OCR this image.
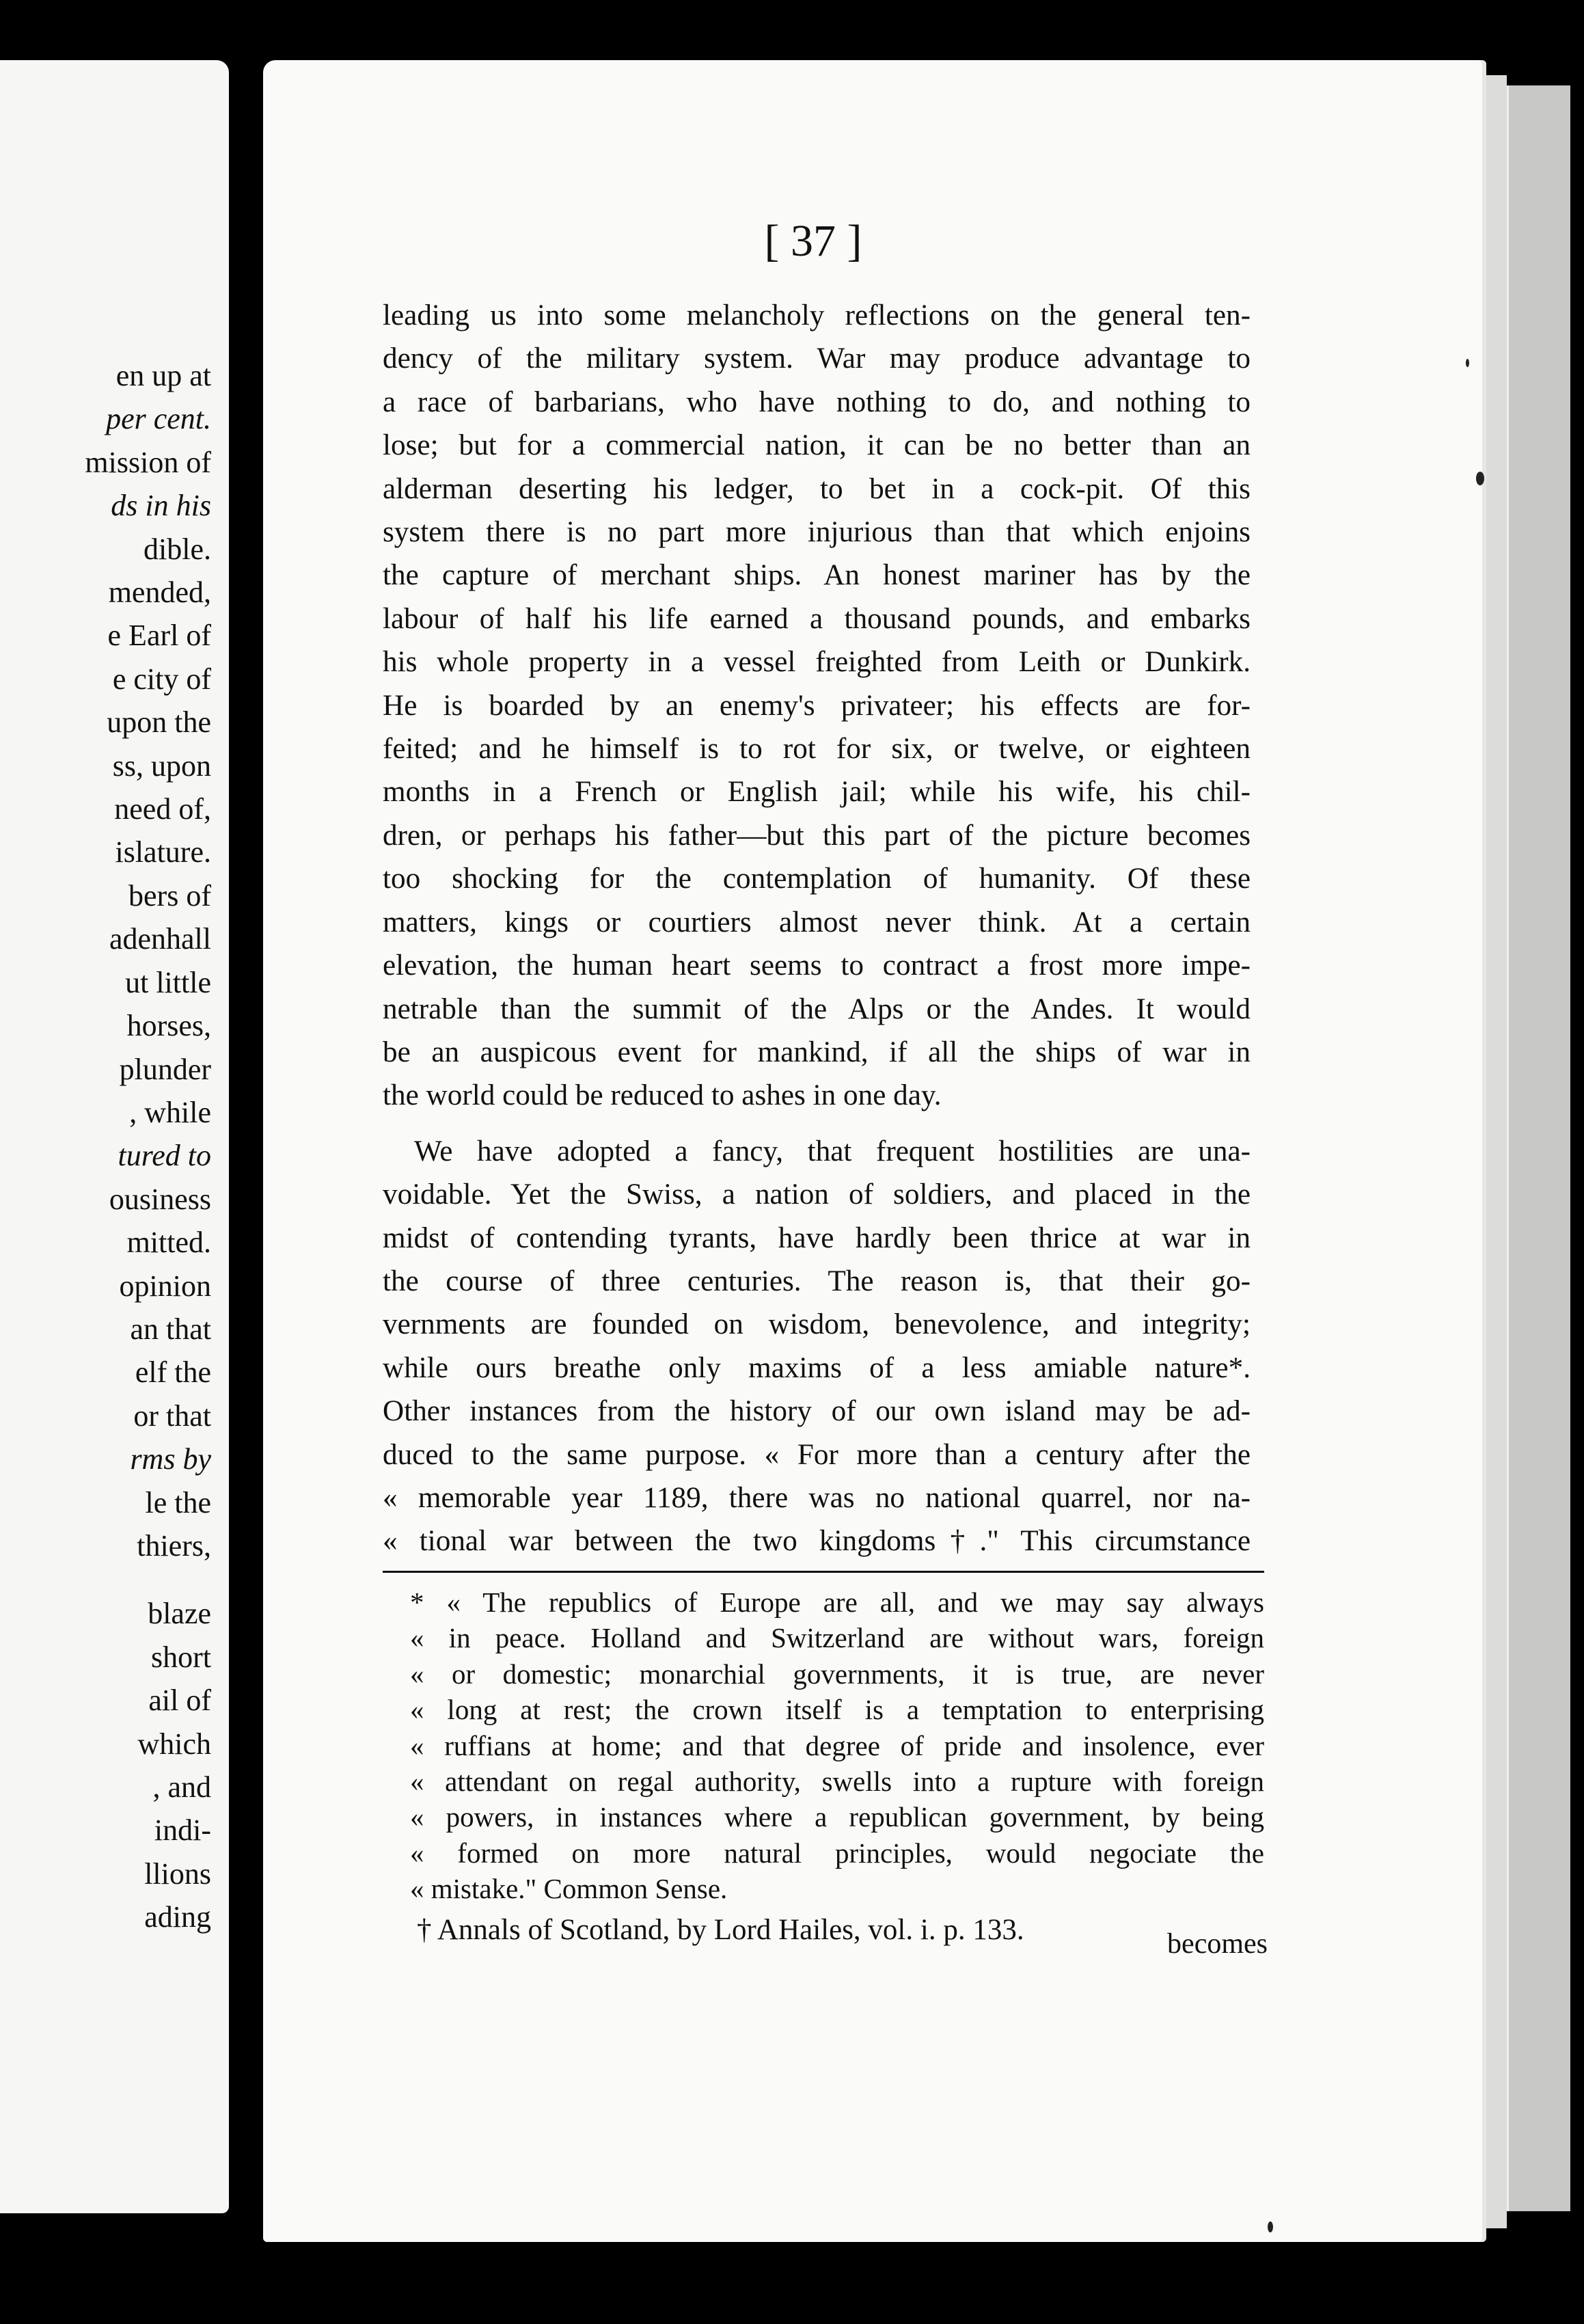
en up at
per cent.
mission of
ds in his
dible.
mended,
e Earl of
e city of
upon the
ss, upon
need of,
islature.
bers of
adenhall
ut little
horses,
plunder
, while
tured to
ousiness
mitted.
opinion
an that
elf the
or that
rms by
le the
thiers,
blaze
short
ail of
which
, and
indi-
llions
ading
[ 37 ]
leading us into some melancholy reflections on the general ten-
dency of the military system. War may produce advantage to
a race of barbarians, who have nothing to do, and nothing to
lose; but for a commercial nation, it can be no better than an
alderman deserting his ledger, to bet in a cock-pit. Of this
system there is no part more injurious than that which enjoins
the capture of merchant ships. An honest mariner has by the
labour of half his life earned a thousand pounds, and embarks
his whole property in a vessel freighted from Leith or Dunkirk.
He is boarded by an enemy's privateer; his effects are for-
feited; and he himself is to rot for six, or twelve, or eighteen
months in a French or English jail; while his wife, his chil-
dren, or perhaps his father—but this part of the picture becomes
too shocking for the contemplation of humanity. Of these
matters, kings or courtiers almost never think. At a certain
elevation, the human heart seems to contract a frost more impe-
netrable than the summit of the Alps or the Andes. It would
be an auspicous event for mankind, if all the ships of war in
the world could be reduced to ashes in one day.
We have adopted a fancy, that frequent hostilities are una-
voidable. Yet the Swiss, a nation of soldiers, and placed in the
midst of contending tyrants, have hardly been thrice at war in
the course of three centuries. The reason is, that their go-
vernments are founded on wisdom, benevolence, and integrity;
while ours breathe only maxims of a less amiable nature*.
Other instances from the history of our own island may be ad-
duced to the same purpose. « For more than a century after the
« memorable year 1189, there was no national quarrel, nor na-
« tional war between the two kingdoms†." This circumstance
* « The republics of Europe are all, and we may say always
« in peace. Holland and Switzerland are without wars, foreign
« or domestic; monarchial governments, it is true, are never
« long at rest; the crown itself is a temptation to enterprising
« ruffians at home; and that degree of pride and insolence, ever
« attendant on regal authority, swells into a rupture with foreign
« powers, in instances where a republican government, by being
« formed on more natural principles, would negociate the
« mistake." Common Sense.
† Annals of Scotland, by Lord Hailes, vol. i. p. 133.	becomes
